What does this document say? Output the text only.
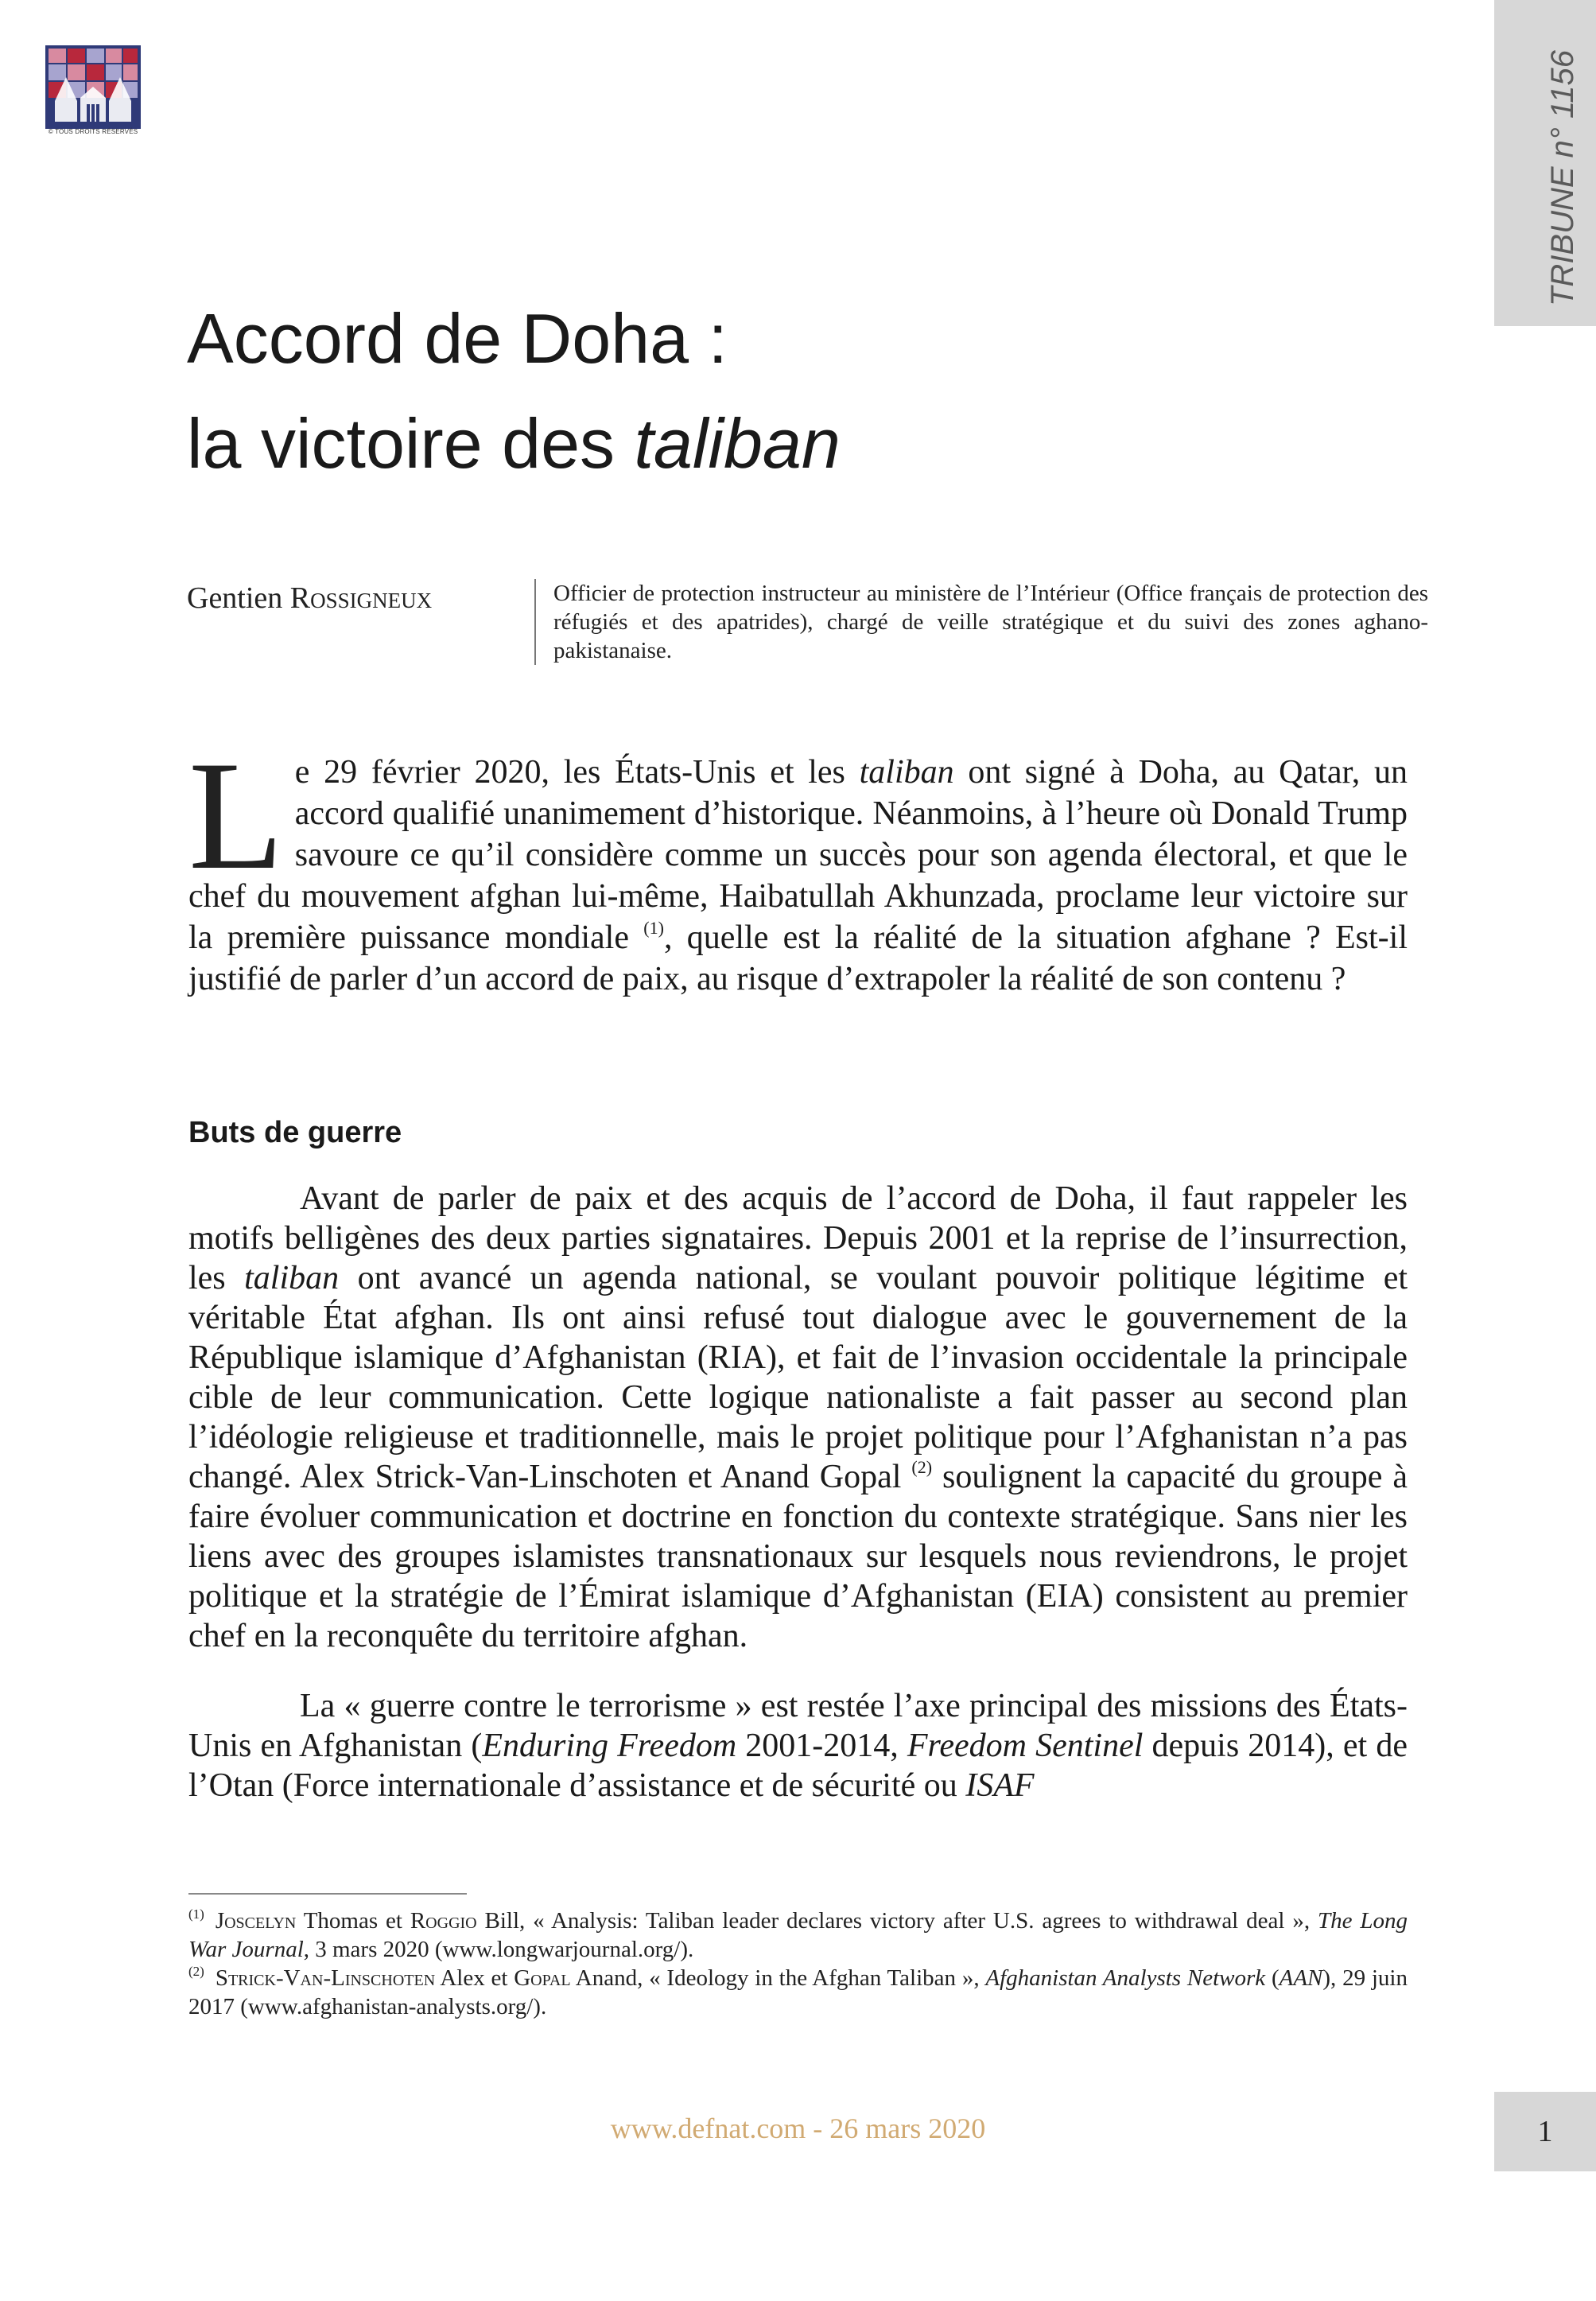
© TOUS DROITS RÉSERVÉS	TRIBUNE n° 1156
Accord de Doha :
la victoire des taliban
Gentien Rossigneux	Officier de protection instructeur au ministère de l’Intérieur (Office français de protection des réfugiés et des apatrides), chargé de veille stratégique et du suivi des zones aghano-pakistanaise.

Le 29 février 2020, les États-Unis et les taliban ont signé à Doha, au Qatar, un accord qualifié unanimement d’historique. Néanmoins, à l’heure où Donald Trump savoure ce qu’il considère comme un succès pour son agenda électoral, et que le chef du mouvement afghan lui-même, Haibatullah Akhunzada, proclame leur victoire sur la première puissance mondiale $^{(1)}$, quelle est la réalité de la situation afghane ? Est-il justifié de parler d’un accord de paix, au risque d’extrapoler la réalité de son contenu ?

Buts de guerre

Avant de parler de paix et des acquis de l’accord de Doha, il faut rappeler les motifs belligènes des deux parties signataires. Depuis 2001 et la reprise de l’insurrection, les taliban ont avancé un agenda national, se voulant pouvoir politique légitime et véritable État afghan. Ils ont ainsi refusé tout dialogue avec le gouvernement de la République islamique d’Afghanistan (RIA), et fait de l’invasion occidentale la principale cible de leur communication. Cette logique nationaliste a fait passer au second plan l’idéologie religieuse et traditionnelle, mais le projet politique pour l’Afghanistan n’a pas changé. Alex Strick-Van-Linschoten et Anand Gopal $^{(2)}$ soulignent la capacité du groupe à faire évoluer communication et doctrine en fonction du contexte stratégique. Sans nier les liens avec des groupes islamistes transnationaux sur lesquels nous reviendrons, le projet politique et la stratégie de l’Émirat islamique d’Afghanistan (EIA) consistent au premier chef en la reconquête du territoire afghan.

La « guerre contre le terrorisme » est restée l’axe principal des missions des États-Unis en Afghanistan (Enduring Freedom 2001-2014, Freedom Sentinel depuis 2014), et de l’Otan (Force internationale d’assistance et de sécurité ou ISAF

$^{(1)}$ Joscelyn Thomas et Roggio Bill, « Analysis: Taliban leader declares victory after U.S. agrees to withdrawal deal », The Long War Journal, 3 mars 2020 (www.longwarjournal.org/).

$^{(2)}$ Strick-Van-Linschoten Alex et Gopal Anand, « Ideology in the Afghan Taliban », Afghanistan Analysts Network (AAN), 29 juin 2017 (www.afghanistan-analysts.org/).

www.defnat.com - 26 mars 2020	1
